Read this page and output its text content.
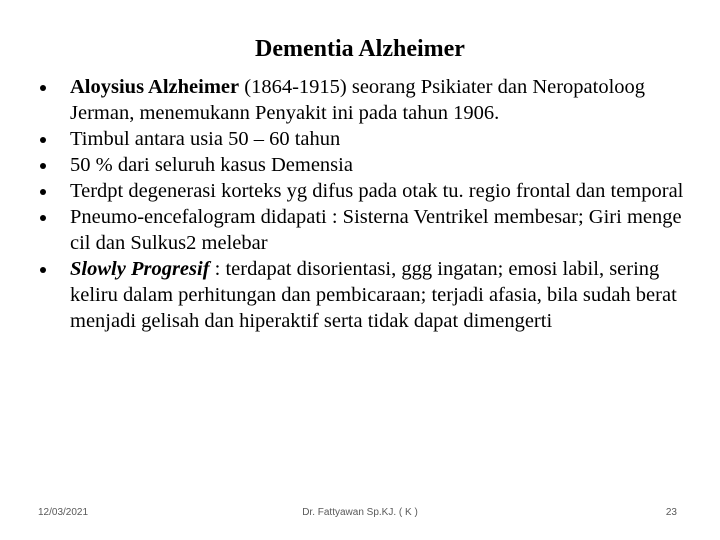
Dementia Alzheimer
Aloysius Alzheimer (1864-1915) seorang Psikiater dan Neropatoloog Jerman, menemukann Penyakit ini pada tahun 1906.
Timbul antara usia 50 – 60 tahun
50 % dari seluruh kasus Demensia
Terdpt degenerasi korteks yg difus pada otak tu. regio frontal dan temporal
Pneumo-encefalogram didapati : Sisterna Ventrikel membesar; Giri menge cil dan Sulkus2 melebar
Slowly Progresif : terdapat disorientasi, ggg ingatan; emosi labil, sering keliru dalam perhitungan dan pembicaraan; terjadi afasia, bila sudah berat menjadi gelisah dan hiperaktif serta tidak dapat dimengerti
12/03/2021	Dr. Fattyawan Sp.KJ. ( K )	23
